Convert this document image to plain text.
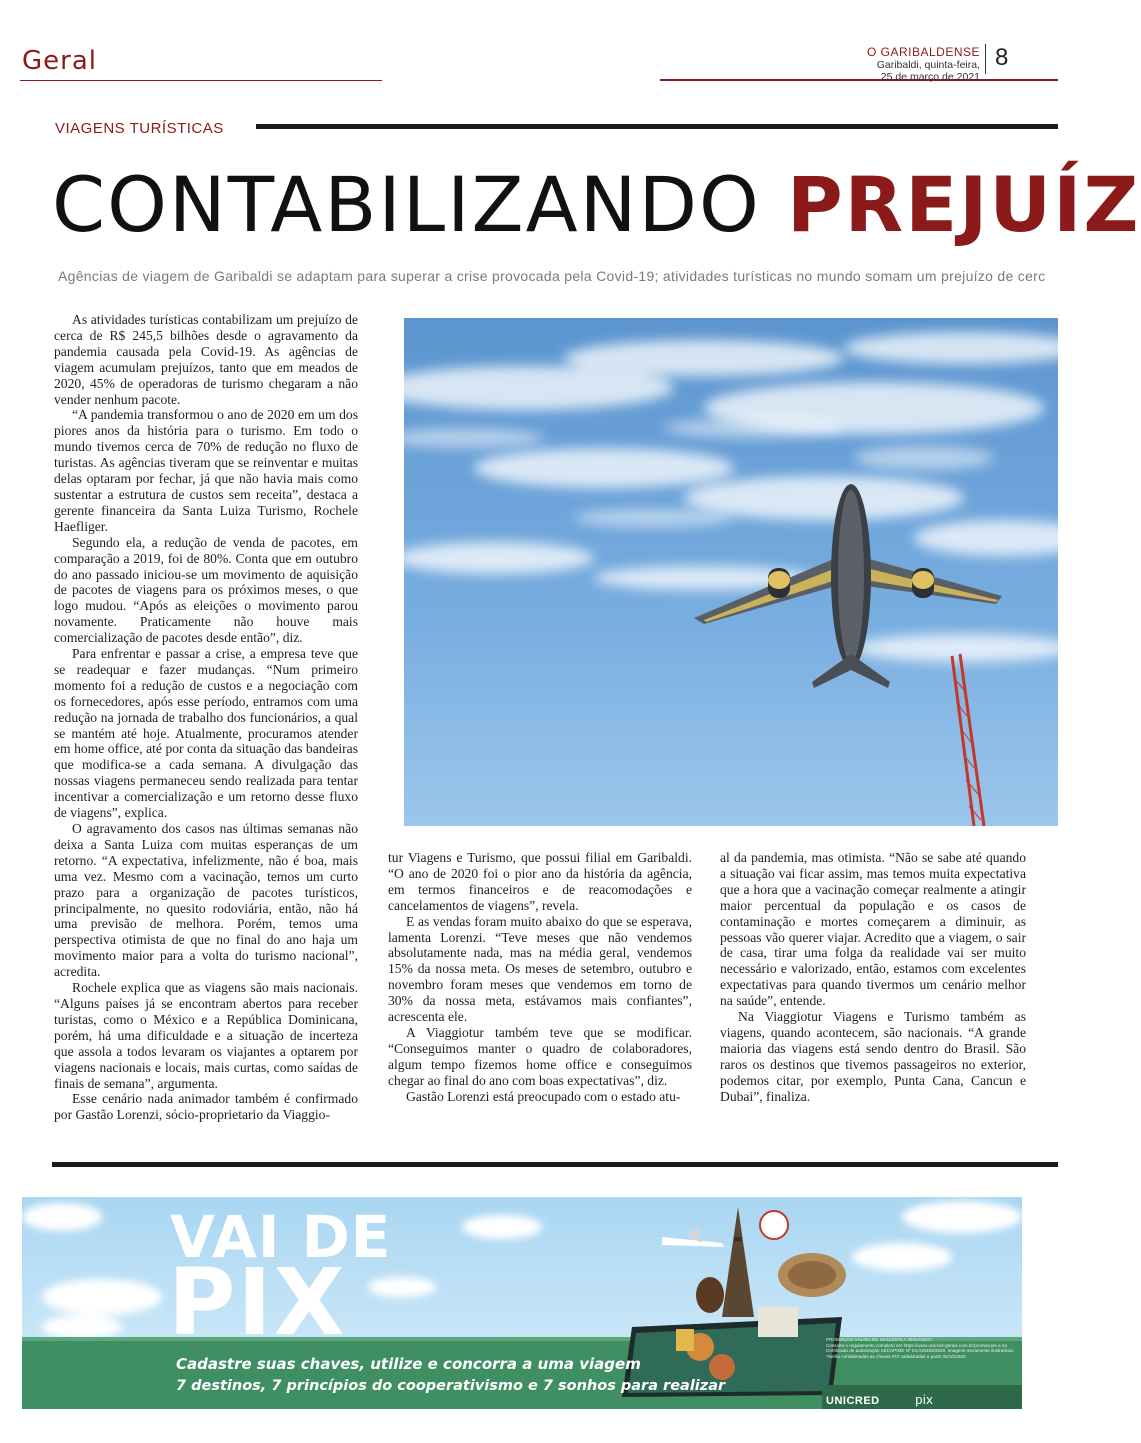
Geral	O GARIBALDENSE
Garibaldi, quinta-feira,
25 de março de 2021
8
VIAGENS TURÍSTICAS
CONTABILIZANDO PREJUÍZ
Agências de viagem de Garibaldi se adaptam para superar a crise provocada pela Covid-19; atividades turísticas no mundo somam um prejuízo de cerc

As atividades turísticas contabilizam um prejuízo de cerca de R$ 245,5 bilhões desde o agravamento da pandemia causada pela Covid-19. As agências de viagem acumulam prejuízos, tanto que em meados de 2020, 45% de operadoras de turismo chegaram a não vender nenhum pacote.

“A pandemia transformou o ano de 2020 em um dos piores anos da história para o turismo. Em todo o mundo tivemos cerca de 70% de redução no fluxo de turistas. As agências tiveram que se reinventar e muitas delas optaram por fechar, já que não havia mais como sustentar a estrutura de custos sem receita”, destaca a gerente financeira da Santa Luiza Turismo, Rochele Haefliger.

Segundo ela, a redução de venda de pacotes, em comparação a 2019, foi de 80%. Conta que em outubro do ano passado iniciou-se um movimento de aquisição de pacotes de viagens para os próximos meses, o que logo mudou. “Após as eleições o movimento parou novamente. Praticamente não houve mais comercialização de pacotes desde então”, diz.

Para enfrentar e passar a crise, a empresa teve que se readequar e fazer mudanças. “Num primeiro momento foi a redução de custos e a negociação com os fornecedores, após esse período, entramos com uma redução na jornada de trabalho dos funcionários, a qual se mantém até hoje. Atualmente, procuramos atender em home office, até por conta da situação das bandeiras que modifica-se a cada semana. A divulgação das nossas viagens permaneceu sendo realizada para tentar incentivar a comercialização e um retorno desse fluxo de viagens”, explica.

O agravamento dos casos nas últimas semanas não deixa a Santa Luiza com muitas esperanças de um retorno. “A expectativa, infelizmente, não é boa, mais uma vez. Mesmo com a vacinação, temos um curto prazo para a organização de pacotes turísticos, principalmente, no quesito rodoviária, então, não há uma previsão de melhora. Porém, temos uma perspectiva otimista de que no final do ano haja um movimento maior para a volta do turismo nacional”, acredita.

Rochele explica que as viagens são mais nacionais. “Alguns países já se encontram abertos para receber turistas, como o México e a República Dominicana, porém, há uma dificuldade e a situação de incerteza que assola a todos levaram os viajantes a optarem por viagens nacionais e locais, mais curtas, como saídas de finais de semana”, argumenta.

Esse cenário nada animador também é confirmado por Gastão Lorenzi, sócio-proprietario da Viaggio-

tur Viagens e Turismo, que possui filial em Garibaldi. “O ano de 2020 foi o pior ano da história da agência, em termos financeiros e de reacomodações e cancelamentos de viagens”, revela.

E as vendas foram muito abaixo do que se esperava, lamenta Lorenzi. “Teve meses que não vendemos absolutamente nada, mas na média geral, vendemos 15% da nossa meta. Os meses de setembro, outubro e novembro foram meses que vendemos em torno de 30% da nossa meta, estávamos mais confiantes”, acrescenta ele.

A Viaggiotur também teve que se modificar. “Conseguimos manter o quadro de colaboradores, algum tempo fizemos home office e conseguimos chegar ao final do ano com boas expectativas”, diz.

Gastão Lorenzi está preocupado com o estado atu-

al da pandemia, mas otimista. “Não se sabe até quando a situação vai ficar assim, mas temos muita expectativa que a hora que a vacinação começar realmente a atingir maior percentual da população e os casos de contaminação e mortes começarem a diminuir, as pessoas vão querer viajar. Acredito que a viagem, o sair de casa, tirar uma folga da realidade vai ser muito necessário e valorizado, então, estamos com excelentes expectativas para quando tivermos um cenário melhor na saúde”, entende.

Na Viaggiotur Viagens e Turismo também as viagens, quando acontecem, são nacionais. “A grande maioria das viagens está sendo dentro do Brasil. São raros os destinos que tivemos passageiros no exterior, podemos citar, por exemplo, Punta Cana, Cancun e Dubai”, finaliza.

VAI DE
PIX
Cadastre suas chaves, utilize e concorra a uma viagem
7 destinos, 7 princípios do cooperativismo e 7 sonhos para realizar
PROMOÇÃO VÁLIDA DE 16/11/2020 A 30/03/2021*.
Consulte o regulamento completo em https://www.unicred-gerais.com.br/promocoes e no
Certificado de autorização SECAP/ME Nº 04.016459/2020. Imagens meramente ilustrativas.
*Serão consideradas as chaves PIX cadastradas a partir 05/10/2020.
UNICRED	pix
